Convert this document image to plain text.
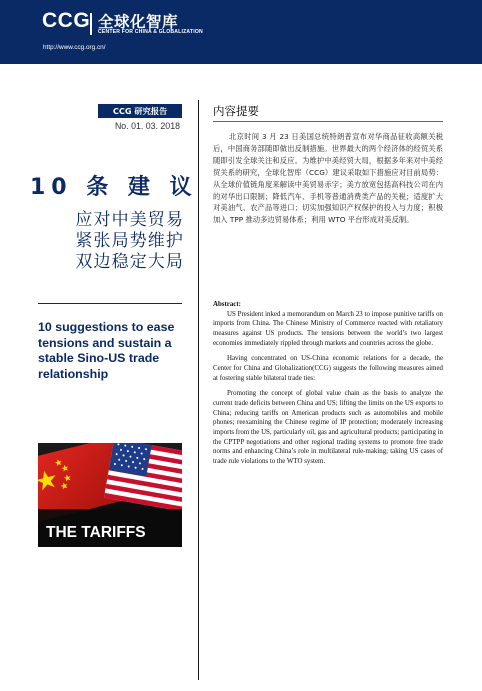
CCG 全球化智库
CENTER FOR CHINA & GLOBALIZATION
http://www.ccg.org.cn/
CCG 研究报告
No. 01. 03. 2018
10 条 建 议
应对中美贸易
紧张局势维护
双边稳定大局
10 suggestions to ease tensions and sustain a stable Sino-US trade relationship
THE TARIFFS
内容提要
北京时间 3 月 23 日美国总统特朗普宣布对华商品征收高额关税后，中国商务部随即做出反制措施。世界最大的两个经济体的经贸关系随即引发全球关注和反应。为维护中美经贸大局，根据多年来对中美经贸关系的研究，全球化智库（CCG）建议采取如下措施应对目前局势：从全球价值链角度来解读中美贸易赤字；美方放宽包括高科技公司在内的对华出口限制；降低汽车、手机等普通消费类产品的关税；适度扩大对美油气、农产品等进口；切实加强知识产权保护的投入与力度；积极加入 TPP 推动多边贸易体系；利用 WTO 平台形成对美反制。

Abstract:

US President inked a memorandum on March 23 to impose punitive tariffs on imports from China. The Chinese Ministry of Commerce reacted with retaliatory measures against US products. The tensions between the world’s two largest economies immediately rippled through markets and countries across the globe.

Having concentrated on US-China economic relations for a decade, the Center for China and Globalization(CCG) suggests the following measures aimed at fostering stable bilateral trade ties:

Promoting the concept of global value chain as the basis to analyze the current trade deficits between China and US; lifting the limits on the US exports to China; reducing tariffs on American products such as automobiles and mobile phones; reexamining the Chinese regime of IP protection; moderately increasing imports from the US, particularly oil, gas and agricultural products; participating in the CPTPP negotiations and other regional trading systems to promote free trade norms and enhancing China’s role in multilateral rule-making; taking US cases of trade rule violations to the WTO system.
